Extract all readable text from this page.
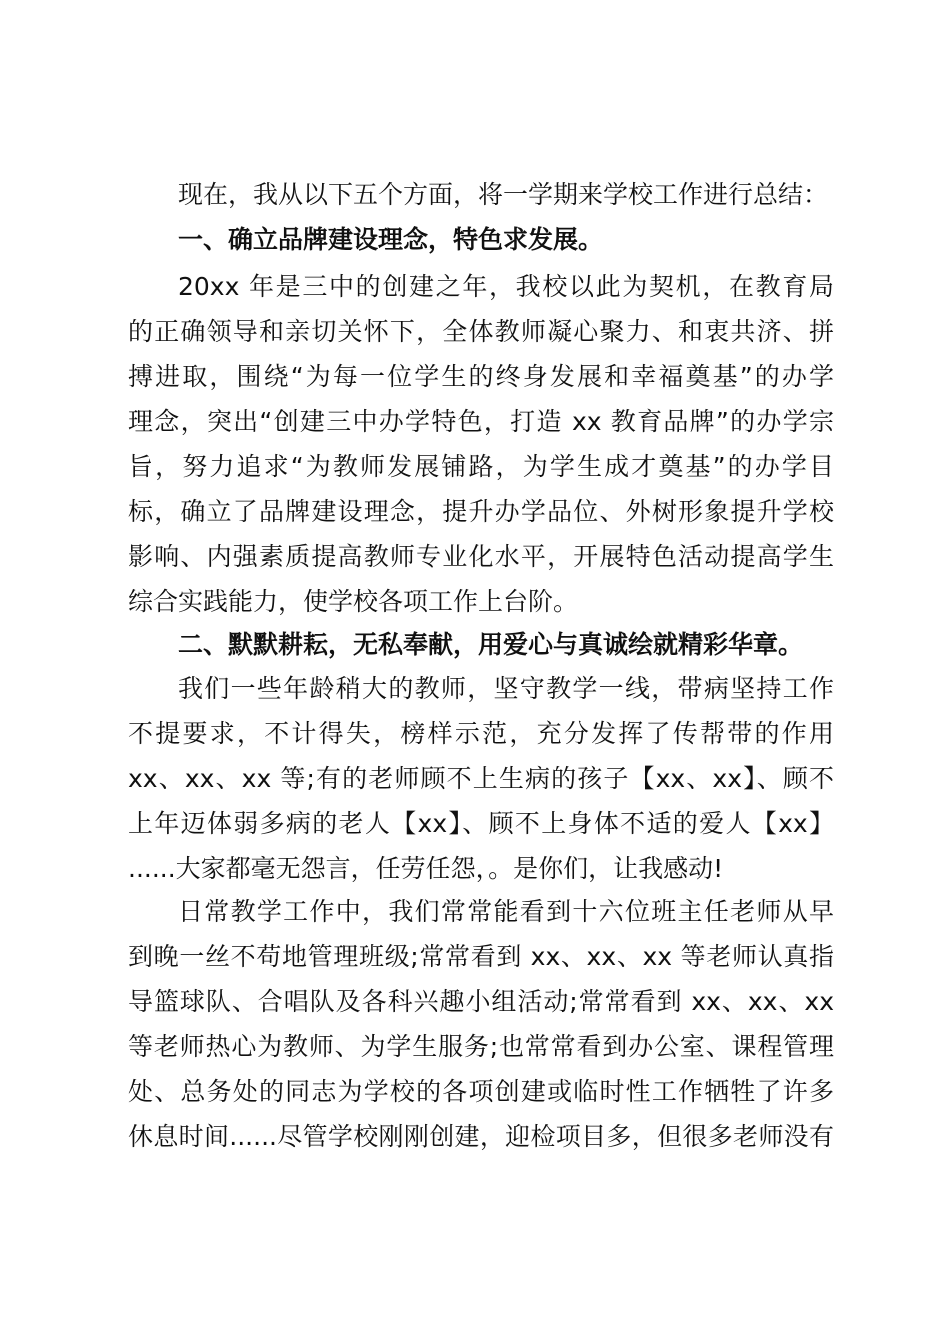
现在，我从以下五个方面，将一学期来学校工作进行总结：
一、确立品牌建设理念，特色求发展。
20xx 年是三中的创建之年，我校以此为契机，在教育局
的正确领导和亲切关怀下，全体教师凝心聚力、和衷共济、拼
搏进取，围绕“为每一位学生的终身发展和幸福奠基”的办学
理念，突出“创建三中办学特色，打造 xx 教育品牌”的办学宗
旨，努力追求“为教师发展铺路，为学生成才奠基”的办学目
标，确立了品牌建设理念，提升办学品位、外树形象提升学校
影响、内强素质提高教师专业化水平，开展特色活动提高学生
综合实践能力，使学校各项工作上台阶。
二、默默耕耘，无私奉献，用爱心与真诚绘就精彩华章。
我们一些年龄稍大的教师，坚守教学一线，带病坚持工作
不提要求，不计得失，榜样示范，充分发挥了传帮带的作用
xx、xx、xx 等;有的老师顾不上生病的孩子【xx、xx】、顾不
上年迈体弱多病的老人【xx】、顾不上身体不适的爱人【xx】
......大家都毫无怨言，任劳任怨，。是你们，让我感动!
日常教学工作中，我们常常能看到十六位班主任老师从早
到晚一丝不苟地管理班级;常常看到 xx、xx、xx 等老师认真指
导篮球队、合唱队及各科兴趣小组活动;常常看到 xx、xx、xx
等老师热心为教师、为学生服务;也常常看到办公室、课程管理
处、总务处的同志为学校的各项创建或临时性工作牺牲了许多
休息时间......尽管学校刚刚创建，迎检项目多，但很多老师没有
